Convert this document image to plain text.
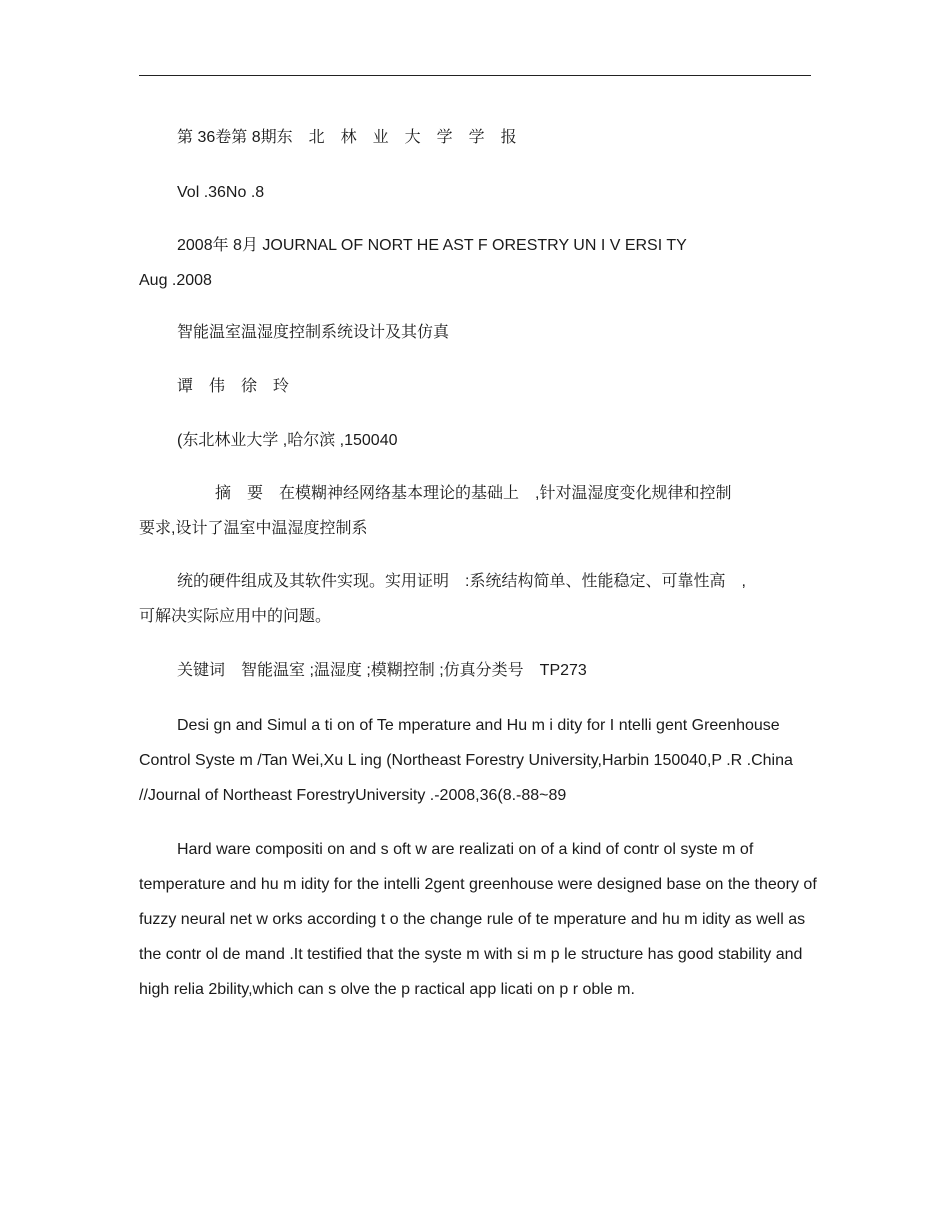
第 36卷第 8期东　北　林　业　大　学　学　报
Vol .36No .8
2008年 8月 JOURNAL OF NORT HE AST F ORESTRY UN I V ERSI TY
Aug .2008
智能温室温湿度控制系统设计及其仿真
谭　伟　徐　玲
(东北林业大学 ,哈尔滨 ,150040
摘　要　在模糊神经网络基本理论的基础上　,针对温湿度变化规律和控制
要求,设计了温室中温湿度控制系
统的硬件组成及其软件实现。实用证明　:系统结构简单、性能稳定、可靠性高　,
可解决实际应用中的问题。
关键词　智能温室 ;温湿度 ;模糊控制 ;仿真分类号　TP273
Desi gn and Simul a ti on of Te mperature and Hu m i dity for I ntelli gent Greenhouse Control Syste m /Tan Wei,Xu L ing (Northeast Forestry University,Harbin 150040,P .R .China //Journal of Northeast ForestryUniversity .-2008,36(8.-88~89
Hard ware compositi on and s oft w are realizati on of a kind of contr ol syste m of temperature and hu m idity for the intelli 2gent greenhouse were designed base on the theory of fuzzy neural net w orks according t o the change rule of te mperature and hu m idity as well as the contr ol de mand .It testified that the syste m with si m p le structure has good stability and high relia 2bility,which can s olve the p ractical app licati on p r oble m.
